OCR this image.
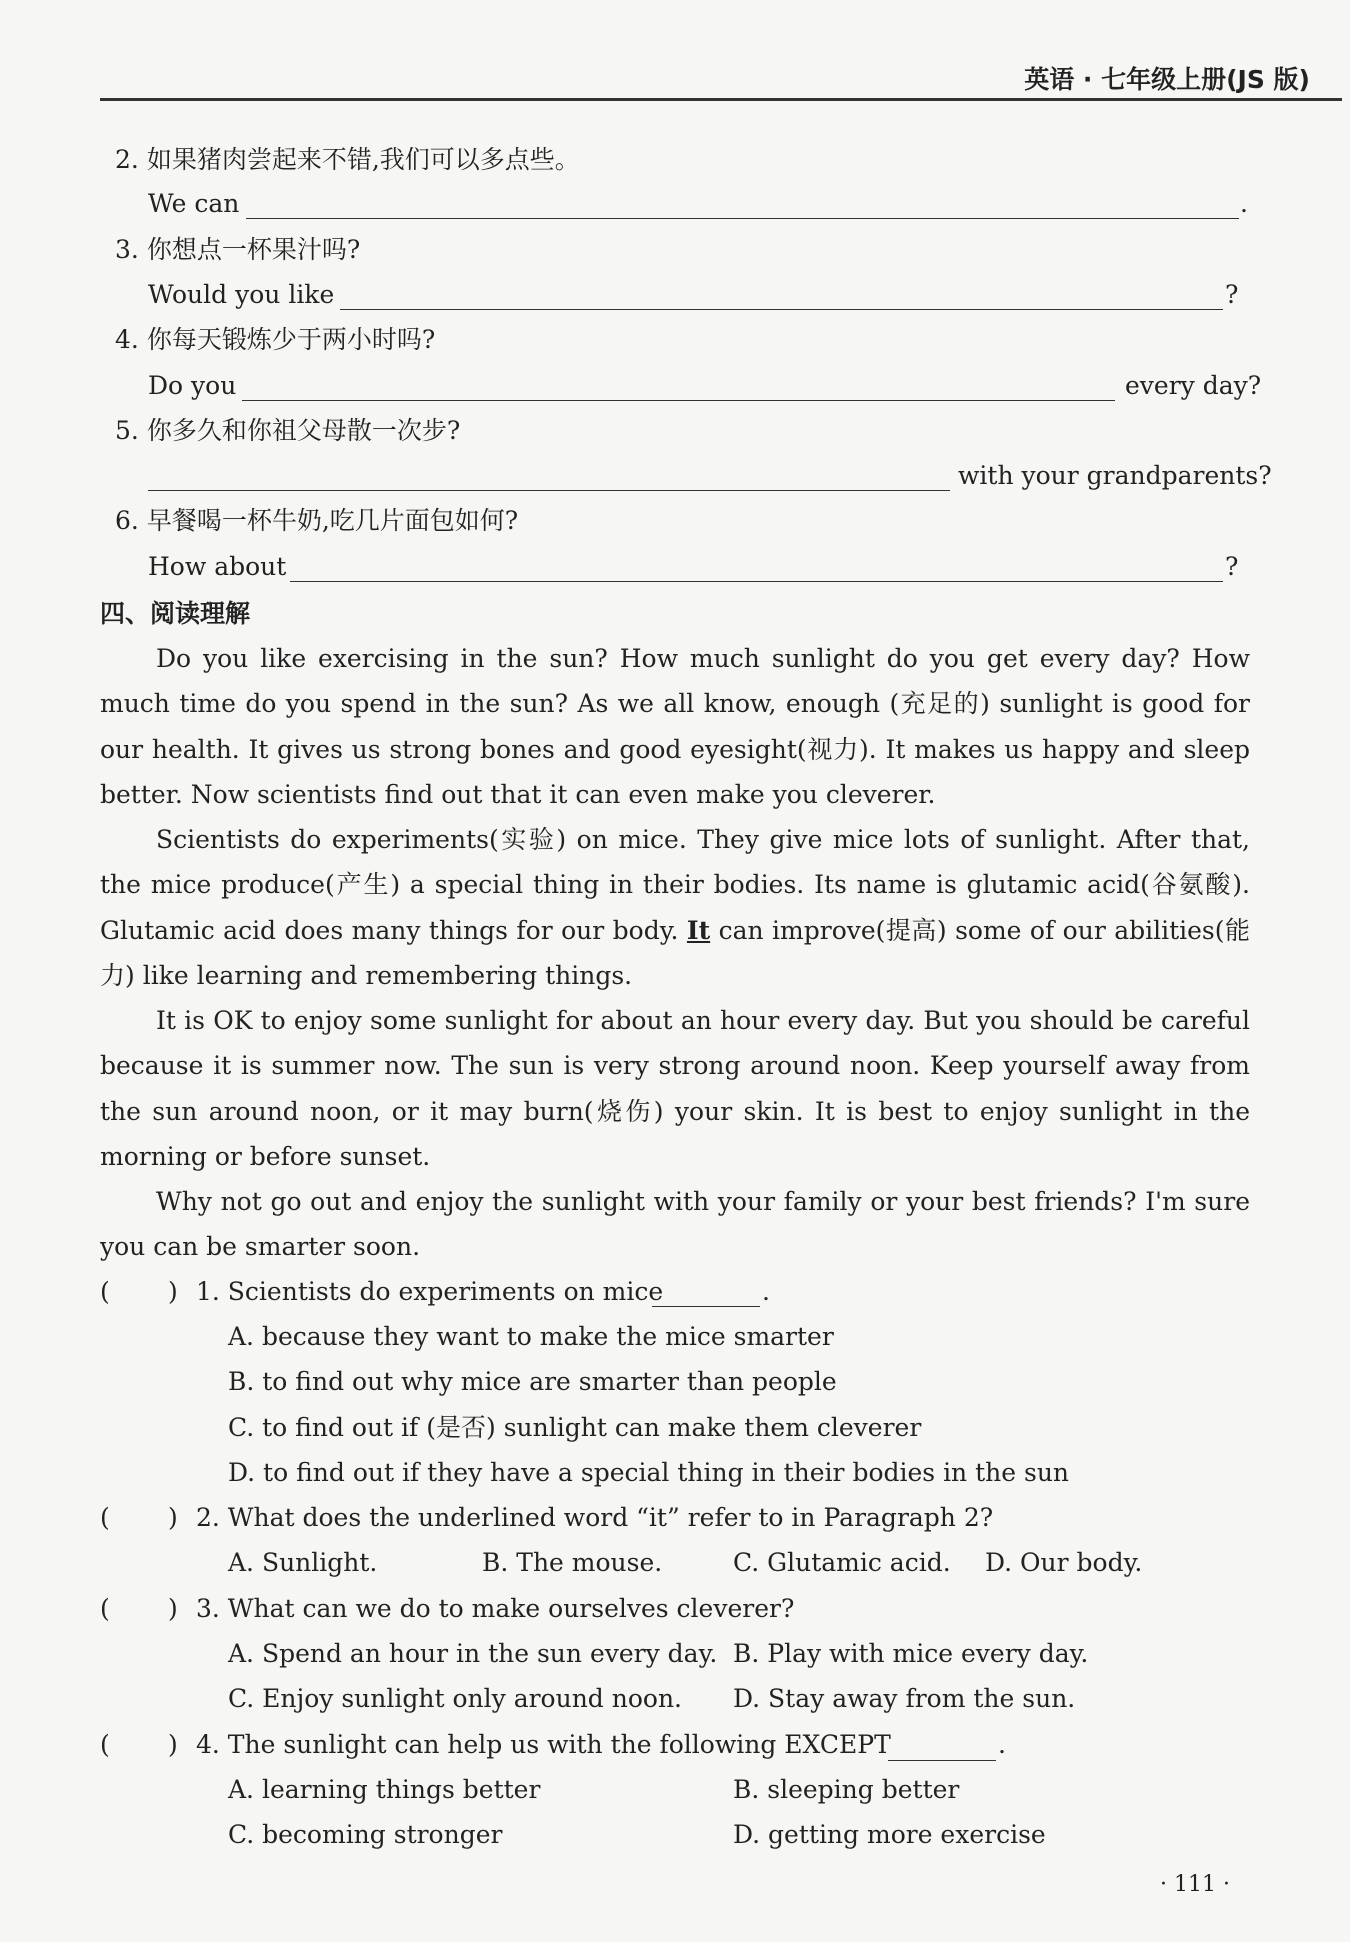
英语 · 七年级上册(JS 版)
2. 如果猪肉尝起来不错,我们可以多点些。
We can	.
3. 你想点一杯果汁吗?
Would you like	?
4. 你每天锻炼少于两小时吗?
Do you	every day?
5. 你多久和你祖父母散一次步?
with your grandparents?
6. 早餐喝一杯牛奶,吃几片面包如何?
How about	?
四、阅读理解
Do you like exercising in the sun? How much sunlight do you get every day? How much time do you spend in the sun? As we all know, enough (充足的) sunlight is good for our health. It gives us strong bones and good eyesight(视力). It makes us happy and sleep better. Now scientists find out that it can even make you cleverer.
Scientists do experiments(实验) on mice. They give mice lots of sunlight. After that, the mice produce(产生) a special thing in their bodies. Its name is glutamic acid(谷氨酸). Glutamic acid does many things for our body. It can improve(提高) some of our abilities(能力) like learning and remembering things.
It is OK to enjoy some sunlight for about an hour every day. But you should be careful because it is summer now. The sun is very strong around noon. Keep yourself away from the sun around noon, or it may burn(烧伤) your skin. It is best to enjoy sunlight in the morning or before sunset.
Why not go out and enjoy the sunlight with your family or your best friends? I'm sure you can be smarter soon.
( ) 1. Scientists do experiments on mice	.
A. because they want to make the mice smarter
B. to find out why mice are smarter than people
C. to find out if (是否) sunlight can make them cleverer
D. to find out if they have a special thing in their bodies in the sun
( ) 2. What does the underlined word “it” refer to in Paragraph 2?
A. Sunlight.	B. The mouse.	C. Glutamic acid. D. Our body.
( ) 3. What can we do to make ourselves cleverer?
A. Spend an hour in the sun every day. B. Play with mice every day.
C. Enjoy sunlight only around noon. D. Stay away from the sun.
( ) 4. The sunlight can help us with the following EXCEPT	.
A. learning things better	B. sleeping better
C. becoming stronger	D. getting more exercise
· 111 ·
